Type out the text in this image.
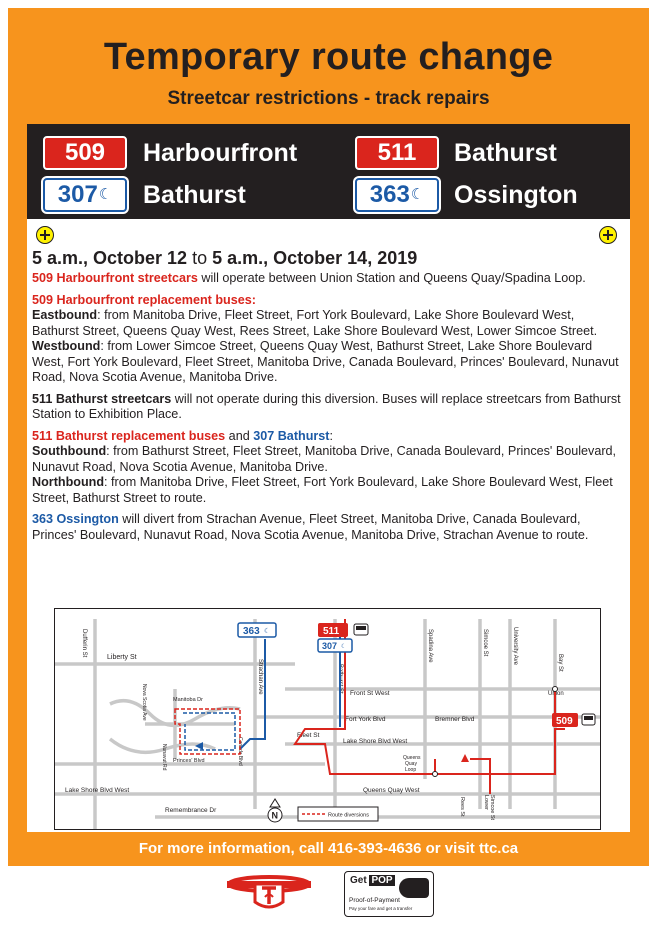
Temporary route change
Streetcar restrictions - track repairs
509	Harbourfront	511	Bathurst
307☾	Bathurst	363☾	Ossington
5 a.m., October 12 to 5 a.m., October 14, 2019

509 Harbourfront streetcars will operate between Union Station and Queens Quay/Spadina Loop.

509 Harbourfront replacement buses:
Eastbound: from Manitoba Drive, Fleet Street, Fort York Boulevard, Lake Shore Boulevard West, Bathurst Street, Queens Quay West, Rees Street, Lake Shore Boulevard West, Lower Simcoe Street.
Westbound: from Lower Simcoe Street, Queens Quay West, Bathurst Street, Lake Shore Boulevard West, Fort York Boulevard, Fleet Street, Manitoba Drive, Canada Boulevard, Princes' Boulevard, Nunavut Road, Nova Scotia Avenue, Manitoba Drive.

511 Bathurst streetcars will not operate during this diversion. Buses will replace streetcars from Bathurst Station to Exhibition Place.

511 Bathurst replacement buses and 307 Bathurst:
Southbound: from Bathurst Street, Fleet Street, Manitoba Drive, Canada Boulevard, Princes' Boulevard, Nunavut Road, Nova Scotia Avenue, Manitoba Drive.
Northbound: from Manitoba Drive, Fleet Street, Fort York Boulevard, Lake Shore Boulevard West, Fleet Street, Bathurst Street to route.

363 Ossington will divert from Strachan Avenue, Fleet Street, Manitoba Drive, Canada Boulevard, Princes' Boulevard, Nunavut Road, Nova Scotia Avenue, Manitoba Drive, Strachan Avenue to route.

Dufferin St
Liberty St
Strachan Ave	Bathurst St
Spadina Ave	Simcoe St	University Ave	Bay St
Front St West
Fort York Blvd	Bremner Blvd
Manitoba Dr
Nova Scotia Ave
Fleet St
Lake Shore Blvd West
Princes' Blvd
Nunavut Rd	Canada Blvd
Lake Shore Blvd West
Remembrance Dr
Queens Quay West
Queens
Quay
Loop
Rees St	Lower Simcoe St
Union
363 ☾	511
307 ☾
509
N	Route diversions
For more information, call 416-393-4636 or visit ttc.ca
Get POP
Proof-of-Payment
Pay your fare and get a transfer
